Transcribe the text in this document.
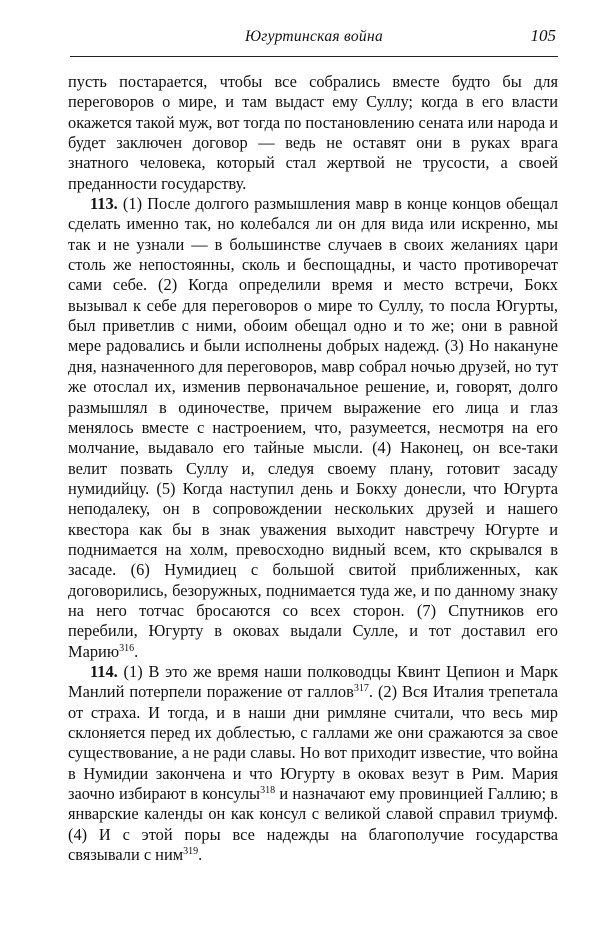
Югуртинская война	105

пусть постарается, чтобы все собрались вместе будто бы для переговоров о мире, и там выдаст ему Суллу; когда в его власти окажется такой муж, вот тогда по постановлению сената или народа и будет заключен договор — ведь не оставят они в руках врага знатного человека, который стал жертвой не трусости, а своей преданности государству.

113. (1) После долгого размышления мавр в конце концов обещал сделать именно так, но колебался ли он для вида или искренно, мы так и не узнали — в большинстве случаев в своих желаниях цари столь же непостоянны, сколь и беспощадны, и часто противоречат сами себе. (2) Когда определили время и место встречи, Бокх вызывал к себе для переговоров о мире то Суллу, то посла Югурты, был приветлив с ними, обоим обещал одно и то же; они в равной мере радовались и были исполнены добрых надежд. (3) Но накануне дня, назначенного для переговоров, мавр собрал ночью друзей, но тут же отослал их, изменив первоначальное решение, и, говорят, долго размышлял в одиночестве, причем выражение его лица и глаз менялось вместе с настроением, что, разумеется, несмотря на его молчание, выдавало его тайные мысли. (4) Наконец, он все-таки велит позвать Суллу и, следуя своему плану, готовит засаду нумидийцу. (5) Когда наступил день и Бокху донесли, что Югурта неподалеку, он в сопровождении нескольких друзей и нашего квестора как бы в знак уважения выходит навстречу Югурте и поднимается на холм, превосходно видный всем, кто скрывался в засаде. (6) Нумидиец с большой свитой приближенных, как договорились, безоружных, поднимается туда же, и по данному знаку на него тотчас бросаются со всех сторон. (7) Спутников его перебили, Югурту в оковах выдали Сулле, и тот доставил его Марию$^{316}$.

114. (1) В это же время наши полководцы Квинт Цепион и Марк Манлий потерпели поражение от галлов$^{317}$. (2) Вся Италия трепетала от страха. И тогда, и в наши дни римляне считали, что весь мир склоняется перед их доблестью, с галлами же они сражаются за свое существование, а не ради славы. Но вот приходит известие, что война в Нумидии закончена и что Югурту в оковах везут в Рим. Мария заочно избирают в консулы$^{318}$ и назначают ему провинцией Галлию; в январские календы он как консул с великой славой справил триумф. (4) И с этой поры все надежды на благополучие государства связывали с ним$^{319}$.
